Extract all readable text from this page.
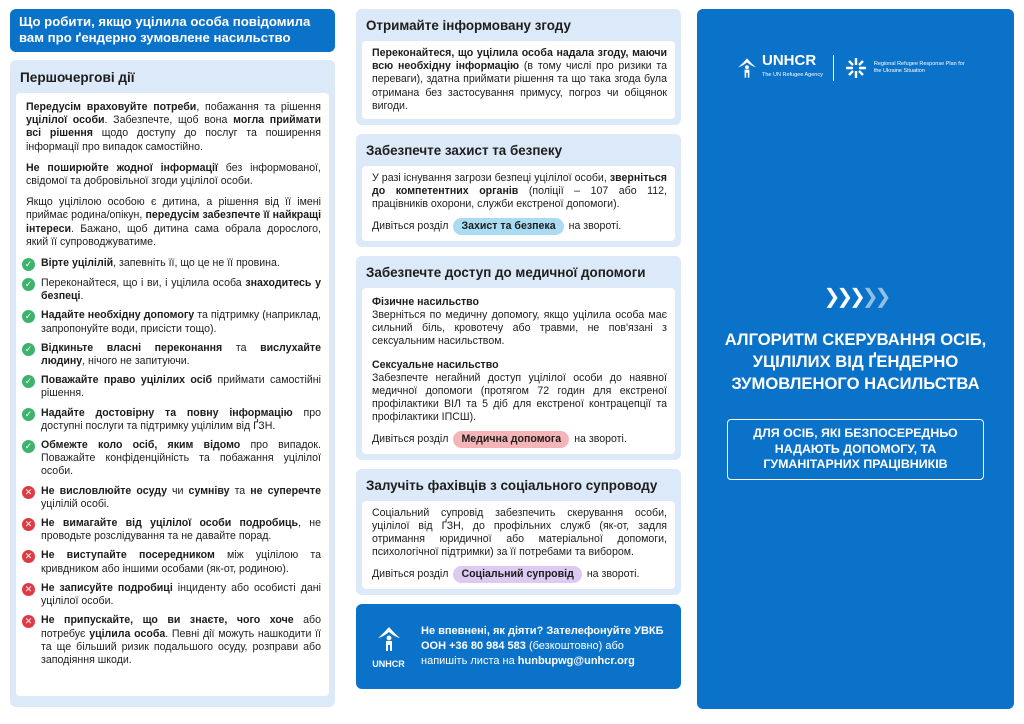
Що робити, якщо уцілила особа повідомила вам про ґендерно зумовлене насильство
Першочергові дії

Передусім враховуйте потреби, побажання та рішення уцілілої особи. Забезпечте, щоб вона могла приймати всі рішення щодо доступу до послуг та поширення інформації про випадок самостійно.

Не поширюйте жодної інформації без інформованої, свідомої та добровільної згоди уцілілої особи.

Якщо уцілілою особою є дитина, а рішення від її імені приймає родина/опікун, передусім забезпечте її найкращі інтереси. Бажано, щоб дитина сама обрала дорослого, який її супроводжуватиме.

✓ Вірте уцілілій, запевніть її, що це не її провина.
✓ Переконайтеся, що і ви, і уцілила особа знаходитесь у безпеці.
✓ Надайте необхідну допомогу та підтримку (наприклад, запропонуйте води, присісти тощо).
✓ Відкиньте власні переконання та вислухайте людину, нічого не запитуючи.
✓ Поважайте право уцілілих осіб приймати самостійні рішення.
✓ Надайте достовірну та повну інформацію про доступні послуги та підтримку уцілілим від ҐЗН.
✓ Обмежте коло осіб, яким відомо про випадок. Поважайте конфіденційність та побажання уцілілої особи.
✕ Не висловлюйте осуду чи сумніву та не суперечте уцілілій особі.
✕ Не вимагайте від уцілілої особи подробиць, не проводьте розслідування та не давайте порад.
✕ Не виступайте посередником між уцілілою та кривдником або іншими особами (як-от, родиною).
✕ Не записуйте подробиці інциденту або особисті дані уцілілої особи.
✕ Не припускайте, що ви знаєте, чого хоче або потребує уцілила особа. Певні дії можуть нашкодити її та ще більший ризик подальшого осуду, розправи або заподіяння шкоди.
Отримайте інформовану згоду
Переконайтеся, що уцілила особа надала згоду, маючи всю необхідну інформацію (в тому числі про ризики та переваги), здатна приймати рішення та що така згода була отримана без застосування примусу, погроз чи обіцянок вигоди.
Забезпечте захист та безпеку
У разі існування загрози безпеці уцілілої особи, зверніться до компетентних органів (поліції – 107 або 112, працівників охорони, служби екстреної допомоги).
Дивіться розділ	Захист та безпека	на звороті.
Забезпечте доступ до медичної допомоги
Фізичне насильство
Зверніться по медичну допомогу, якщо уцілила особа має сильний біль, кровотечу або травми, не пов'язані з сексуальним насильством.
Сексуальне насильство
Забезпечте негайний доступ уцілілої особи до наявної медичної допомоги (протягом 72 годин для екстреної профілактики ВІЛ та 5 діб для екстреної контрацепції та профілактики ІПСШ).
Дивіться розділ	Медична допомога	на звороті.
Залучіть фахівців з соціального супроводу
Соціальний супровід забезпечить скерування особи, уцілілої від ҐЗН, до профільних служб (як-от, задля отримання юридичної або матеріальної допомоги, психологічної підтримки) за її потребами та вибором.
Дивіться розділ	Соціальний супровід	на звороті.
UNHCR
Не впевнені, як діяти? Зателефонуйте УВКБ
ООН +36 80 984 583 (безкоштовно) або
напишіть листа на hunbupwg@unhcr.org
UNHCR
The UN Refugee Agency
Regional Refugee Response Plan for the Ukraine Situation
❯❯❯❯❯
АЛГОРИТМ СКЕРУВАННЯ ОСІБ, УЦІЛІЛИХ ВІД ҐЕНДЕРНО ЗУМОВЛЕНОГО НАСИЛЬСТВА
ДЛЯ ОСІБ, ЯКІ БЕЗПОСЕРЕДНЬО НАДАЮТЬ ДОПОМОГУ, ТА ГУМАНІТАРНИХ ПРАЦІВНИКІВ
